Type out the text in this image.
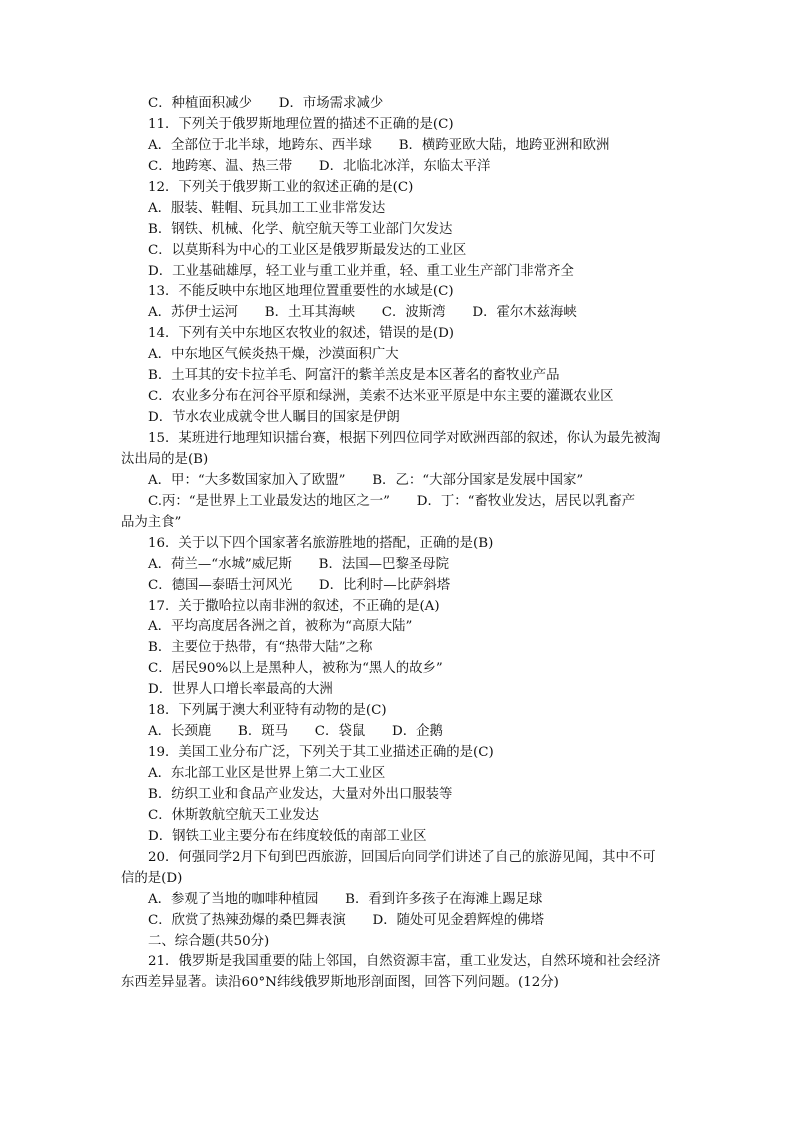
C．种植面积减少　　D．市场需求减少
11．下列关于俄罗斯地理位置的描述不正确的是(C)
A．全部位于北半球，地跨东、西半球　　B．横跨亚欧大陆，地跨亚洲和欧洲
C．地跨寒、温、热三带　　D．北临北冰洋，东临太平洋
12．下列关于俄罗斯工业的叙述正确的是(C)
A．服装、鞋帽、玩具加工工业非常发达
B．钢铁、机械、化学、航空航天等工业部门欠发达
C．以莫斯科为中心的工业区是俄罗斯最发达的工业区
D．工业基础雄厚，轻工业与重工业并重，轻、重工业生产部门非常齐全
13．不能反映中东地区地理位置重要性的水域是(C)
A．苏伊士运河　　B．土耳其海峡　　C．波斯湾　　D．霍尔木兹海峡
14．下列有关中东地区农牧业的叙述，错误的是(D)
A．中东地区气候炎热干燥，沙漠面积广大
B．土耳其的安卡拉羊毛、阿富汗的紫羊羔皮是本区著名的畜牧业产品
C．农业多分布在河谷平原和绿洲，美索不达米亚平原是中东主要的灌溉农业区
D．节水农业成就令世人瞩目的国家是伊朗
15．某班进行地理知识擂台赛，根据下列四位同学对欧洲西部的叙述，你认为最先被淘
汰出局的是(B)
A．甲：“大多数国家加入了欧盟”　　B．乙：“大部分国家是发展中国家”
C.丙：“是世界上工业最发达的地区之一”　　D．丁：“畜牧业发达，居民以乳畜产
品为主食”
16．关于以下四个国家著名旅游胜地的搭配，正确的是(B)
A．荷兰—“水城”威尼斯　　B．法国—巴黎圣母院
C．德国—泰晤士河风光　　D．比利时—比萨斜塔
17．关于撒哈拉以南非洲的叙述，不正确的是(A)
A．平均高度居各洲之首，被称为“高原大陆”
B．主要位于热带，有“热带大陆”之称
C．居民90%以上是黑种人，被称为“黑人的故乡”
D．世界人口增长率最高的大洲
18．下列属于澳大利亚特有动物的是(C)
A．长颈鹿　　B．斑马　　C．袋鼠　　D．企鹅
19．美国工业分布广泛，下列关于其工业描述正确的是(C)
A．东北部工业区是世界上第二大工业区
B．纺织工业和食品产业发达，大量对外出口服装等
C．休斯敦航空航天工业发达
D．钢铁工业主要分布在纬度较低的南部工业区
20．何强同学2月下旬到巴西旅游，回国后向同学们讲述了自己的旅游见闻，其中不可
信的是(D)
A．参观了当地的咖啡种植园　　B．看到许多孩子在海滩上踢足球
C．欣赏了热辣劲爆的桑巴舞表演　　D．随处可见金碧辉煌的佛塔
二、综合题(共50分)
21．俄罗斯是我国重要的陆上邻国，自然资源丰富，重工业发达，自然环境和社会经济
东西差异显著。读沿60°N纬线俄罗斯地形剖面图，回答下列问题。(12分)
